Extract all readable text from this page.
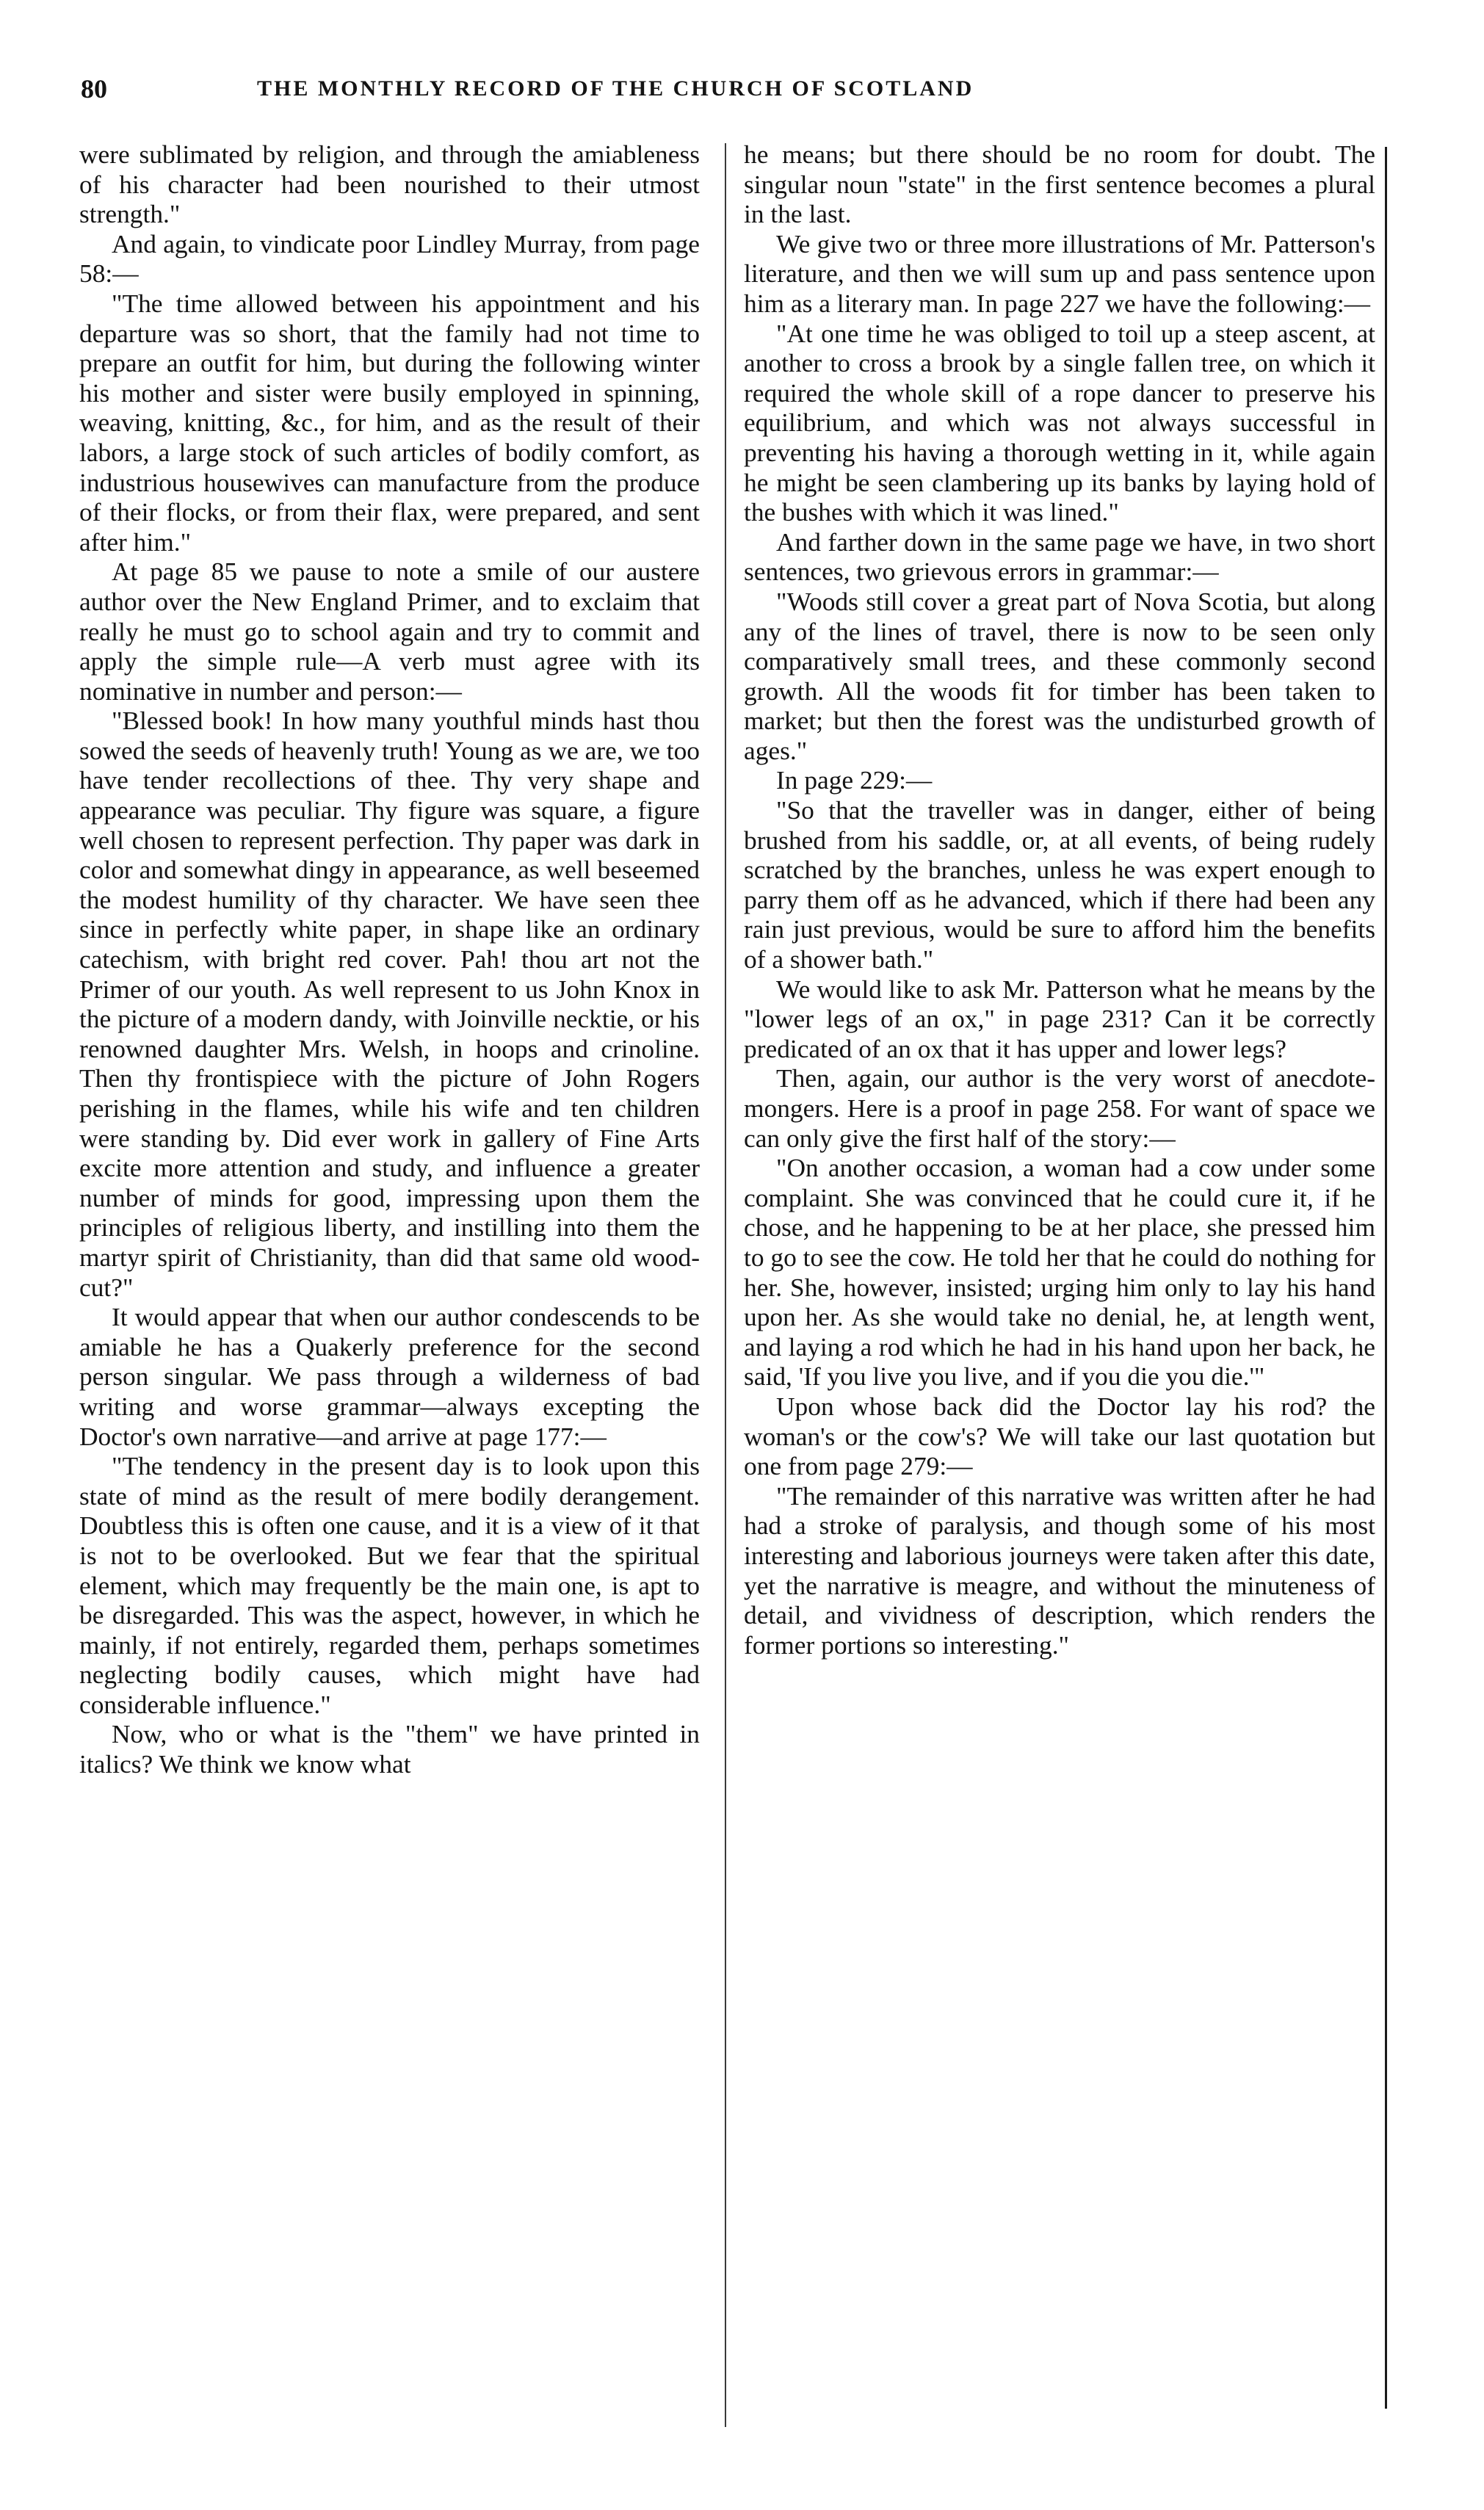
80	THE MONTHLY RECORD OF THE CHURCH OF SCOTLAND

were sublimated by religion, and through the amiableness of his character had been nourished to their utmost strength."

And again, to vindicate poor Lindley Murray, from page 58:—

"The time allowed between his appointment and his departure was so short, that the family had not time to prepare an outfit for him, but during the following winter his mother and sister were busily employed in spinning, weaving, knitting, &c., for him, and as the result of their labors, a large stock of such articles of bodily comfort, as industrious housewives can manufacture from the produce of their flocks, or from their flax, were prepared, and sent after him."

At page 85 we pause to note a smile of our austere author over the New England Primer, and to exclaim that really he must go to school again and try to commit and apply the simple rule—A verb must agree with its nominative in number and person:—

"Blessed book! In how many youthful minds hast thou sowed the seeds of heavenly truth! Young as we are, we too have tender recollections of thee. Thy very shape and appearance was peculiar. Thy figure was square, a figure well chosen to represent perfection. Thy paper was dark in color and somewhat dingy in appearance, as well beseemed the modest humility of thy character. We have seen thee since in perfectly white paper, in shape like an ordinary catechism, with bright red cover. Pah! thou art not the Primer of our youth. As well represent to us John Knox in the picture of a modern dandy, with Joinville necktie, or his renowned daughter Mrs. Welsh, in hoops and crinoline. Then thy frontispiece with the picture of John Rogers perishing in the flames, while his wife and ten children were standing by. Did ever work in gallery of Fine Arts excite more attention and study, and influence a greater number of minds for good, impressing upon them the principles of religious liberty, and instilling into them the martyr spirit of Christianity, than did that same old wood-cut?"

It would appear that when our author condescends to be amiable he has a Quakerly preference for the second person singular. We pass through a wilderness of bad writing and worse grammar—always excepting the Doctor's own narrative—and arrive at page 177:—

"The tendency in the present day is to look upon this state of mind as the result of mere bodily derangement. Doubtless this is often one cause, and it is a view of it that is not to be overlooked. But we fear that the spiritual element, which may frequently be the main one, is apt to be disregarded. This was the aspect, however, in which he mainly, if not entirely, regarded them, perhaps sometimes neglecting bodily causes, which might have had considerable influence."

Now, who or what is the "them" we have printed in italics? We think we know what

he means; but there should be no room for doubt. The singular noun "state" in the first sentence becomes a plural in the last.

We give two or three more illustrations of Mr. Patterson's literature, and then we will sum up and pass sentence upon him as a literary man. In page 227 we have the following:—

"At one time he was obliged to toil up a steep ascent, at another to cross a brook by a single fallen tree, on which it required the whole skill of a rope dancer to preserve his equilibrium, and which was not always successful in preventing his having a thorough wetting in it, while again he might be seen clambering up its banks by laying hold of the bushes with which it was lined."

And farther down in the same page we have, in two short sentences, two grievous errors in grammar:—

"Woods still cover a great part of Nova Scotia, but along any of the lines of travel, there is now to be seen only comparatively small trees, and these commonly second growth. All the woods fit for timber has been taken to market; but then the forest was the undisturbed growth of ages."

In page 229:—

"So that the traveller was in danger, either of being brushed from his saddle, or, at all events, of being rudely scratched by the branches, unless he was expert enough to parry them off as he advanced, which if there had been any rain just previous, would be sure to afford him the benefits of a shower bath."

We would like to ask Mr. Patterson what he means by the "lower legs of an ox," in page 231? Can it be correctly predicated of an ox that it has upper and lower legs?

Then, again, our author is the very worst of anecdote-mongers. Here is a proof in page 258. For want of space we can only give the first half of the story:—

"On another occasion, a woman had a cow under some complaint. She was convinced that he could cure it, if he chose, and he happening to be at her place, she pressed him to go to see the cow. He told her that he could do nothing for her. She, however, insisted; urging him only to lay his hand upon her. As she would take no denial, he, at length went, and laying a rod which he had in his hand upon her back, he said, 'If you live you live, and if you die you die.'"

Upon whose back did the Doctor lay his rod? the woman's or the cow's? We will take our last quotation but one from page 279:—

"The remainder of this narrative was written after he had had a stroke of paralysis, and though some of his most interesting and laborious journeys were taken after this date, yet the narrative is meagre, and without the minuteness of detail, and vividness of description, which renders the former portions so interesting."
